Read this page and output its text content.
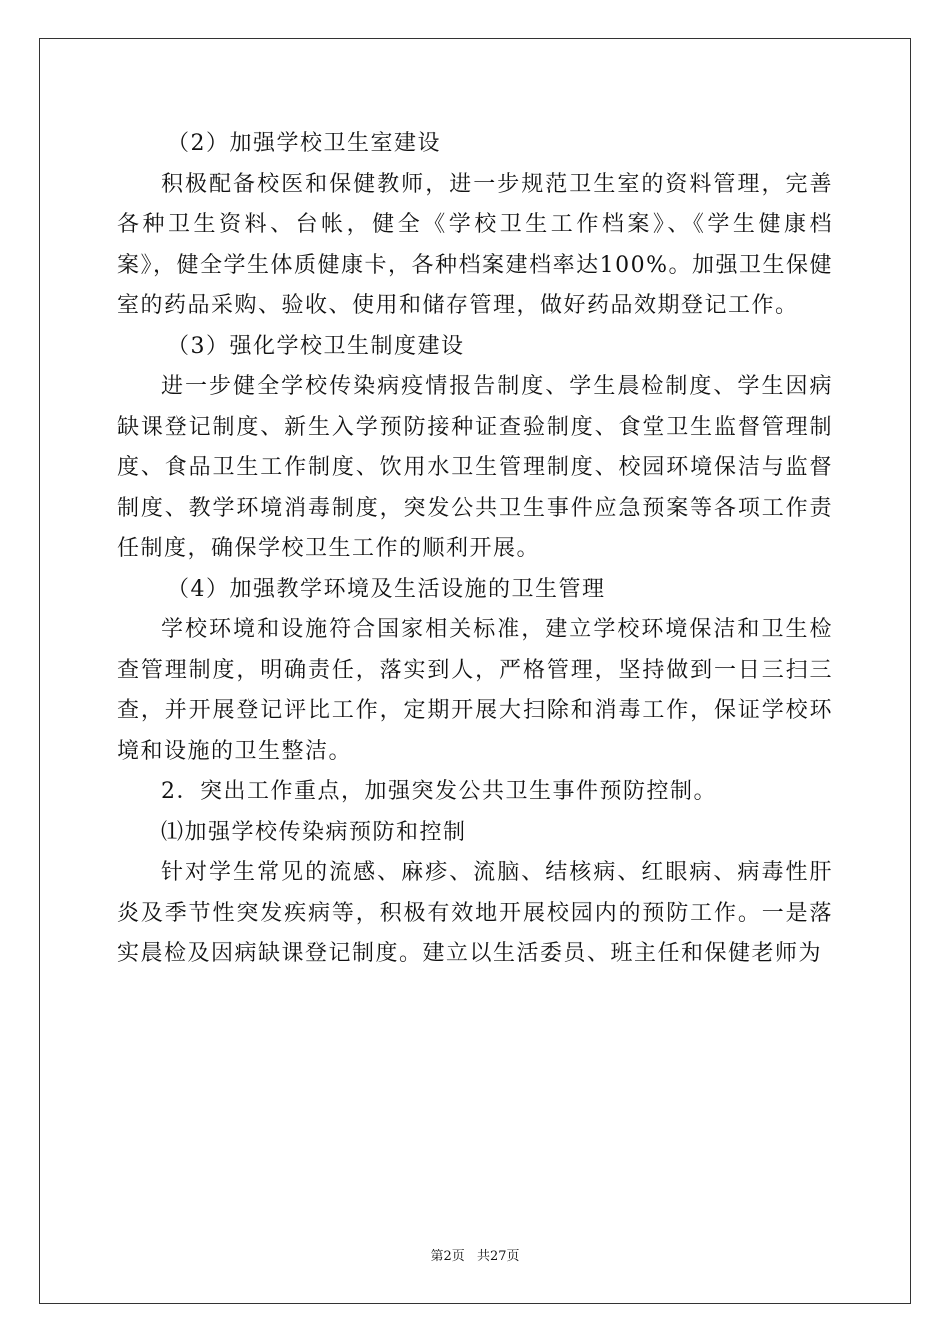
（2）加强学校卫生室建设

积极配备校医和保健教师，进一步规范卫生室的资料管理，完善各种卫生资料、台帐，健全《学校卫生工作档案》、《学生健康档案》，健全学生体质健康卡，各种档案建档率达100%。加强卫生保健室的药品采购、验收、使用和储存管理，做好药品效期登记工作。

（3）强化学校卫生制度建设

进一步健全学校传染病疫情报告制度、学生晨检制度、学生因病缺课登记制度、新生入学预防接种证查验制度、食堂卫生监督管理制度、食品卫生工作制度、饮用水卫生管理制度、校园环境保洁与监督制度、教学环境消毒制度，突发公共卫生事件应急预案等各项工作责任制度，确保学校卫生工作的顺利开展。

（4）加强教学环境及生活设施的卫生管理

学校环境和设施符合国家相关标准，建立学校环境保洁和卫生检查管理制度，明确责任，落实到人，严格管理，坚持做到一日三扫三查，并开展登记评比工作，定期开展大扫除和消毒工作，保证学校环境和设施的卫生整洁。

2．突出工作重点，加强突发公共卫生事件预防控制。

⑴加强学校传染病预防和控制

针对学生常见的流感、麻疹、流脑、结核病、红眼病、病毒性肝炎及季节性突发疾病等，积极有效地开展校园内的预防工作。一是落实晨检及因病缺课登记制度。建立以生活委员、班主任和保健老师为

第2页 共27页
